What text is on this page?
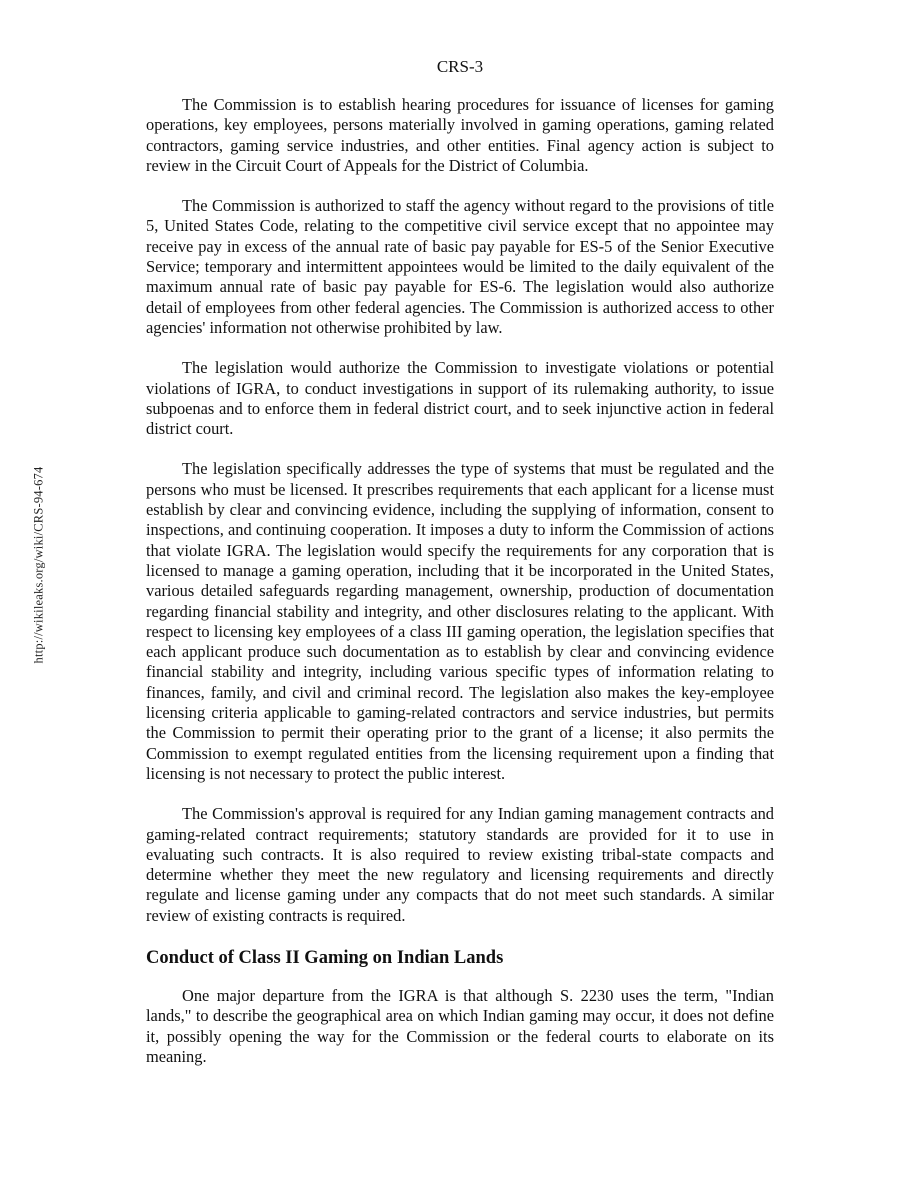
CRS-3
http://wikileaks.org/wiki/CRS-94-674

The Commission is to establish hearing procedures for issuance of licenses for gaming operations, key employees, persons materially involved in gaming operations, gaming related contractors, gaming service industries, and other entities. Final agency action is subject to review in the Circuit Court of Appeals for the District of Columbia.

The Commission is authorized to staff the agency without regard to the provisions of title 5, United States Code, relating to the competitive civil service except that no appointee may receive pay in excess of the annual rate of basic pay payable for ES-5 of the Senior Executive Service; temporary and intermittent appointees would be limited to the daily equivalent of the maximum annual rate of basic pay payable for ES-6. The legislation would also authorize detail of employees from other federal agencies. The Commission is authorized access to other agencies' information not otherwise prohibited by law.

The legislation would authorize the Commission to investigate violations or potential violations of IGRA, to conduct investigations in support of its rulemaking authority, to issue subpoenas and to enforce them in federal district court, and to seek injunctive action in federal district court.

The legislation specifically addresses the type of systems that must be regulated and the persons who must be licensed. It prescribes requirements that each applicant for a license must establish by clear and convincing evidence, including the supplying of information, consent to inspections, and continuing cooperation. It imposes a duty to inform the Commission of actions that violate IGRA. The legislation would specify the requirements for any corporation that is licensed to manage a gaming operation, including that it be incorporated in the United States, various detailed safeguards regarding management, ownership, production of documentation regarding financial stability and integrity, and other disclosures relating to the applicant. With respect to licensing key employees of a class III gaming operation, the legislation specifies that each applicant produce such documentation as to establish by clear and convincing evidence financial stability and integrity, including various specific types of information relating to finances, family, and civil and criminal record. The legislation also makes the key-employee licensing criteria applicable to gaming-related contractors and service industries, but permits the Commission to permit their operating prior to the grant of a license; it also permits the Commission to exempt regulated entities from the licensing requirement upon a finding that licensing is not necessary to protect the public interest.

The Commission's approval is required for any Indian gaming management contracts and gaming-related contract requirements; statutory standards are provided for it to use in evaluating such contracts. It is also required to review existing tribal-state compacts and determine whether they meet the new regulatory and licensing requirements and directly regulate and license gaming under any compacts that do not meet such standards. A similar review of existing contracts is required.

Conduct of Class II Gaming on Indian Lands

One major departure from the IGRA is that although S. 2230 uses the term, "Indian lands," to describe the geographical area on which Indian gaming may occur, it does not define it, possibly opening the way for the Commission or the federal courts to elaborate on its meaning.
